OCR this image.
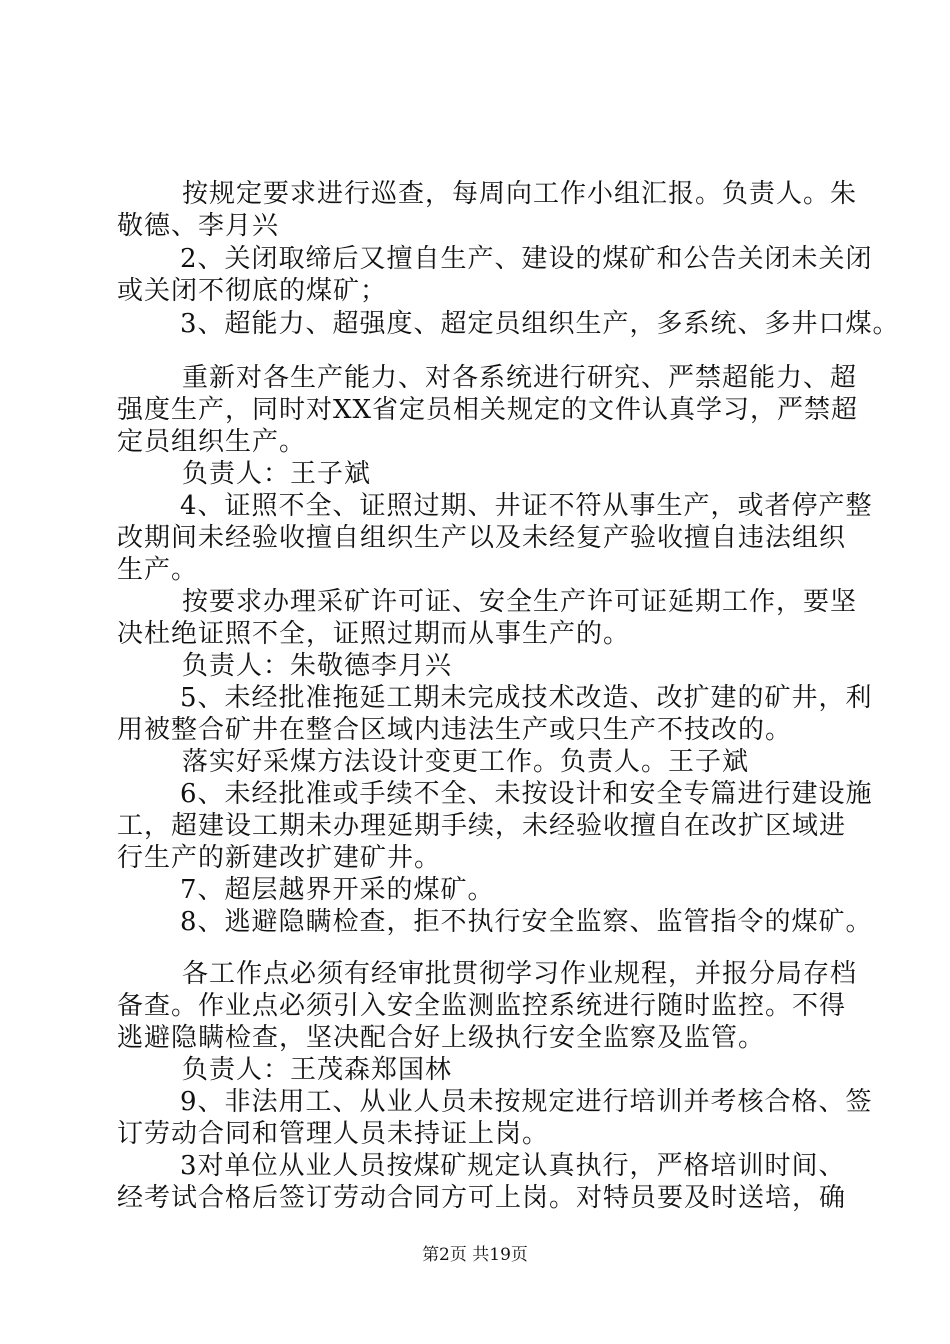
按规定要求进行巡查，每周向工作小组汇报。负责人。朱
敬德、李月兴
2、关闭取缔后又擅自生产、建设的煤矿和公告关闭未关闭
或关闭不彻底的煤矿；
3、超能力、超强度、超定员组织生产，多系统、多井口煤。
重新对各生产能力、对各系统进行研究、严禁超能力、超
强度生产，同时对XX省定员相关规定的文件认真学习，严禁超
定员组织生产。
负责人：王子斌
4、证照不全、证照过期、井证不符从事生产，或者停产整
改期间未经验收擅自组织生产以及未经复产验收擅自违法组织
生产。
按要求办理采矿许可证、安全生产许可证延期工作，要坚
决杜绝证照不全，证照过期而从事生产的。
负责人：朱敬德李月兴
5、未经批准拖延工期未完成技术改造、改扩建的矿井，利
用被整合矿井在整合区域内违法生产或只生产不技改的。
落实好采煤方法设计变更工作。负责人。王子斌
6、未经批准或手续不全、未按设计和安全专篇进行建设施
工，超建设工期未办理延期手续，未经验收擅自在改扩区域进
行生产的新建改扩建矿井。
7、超层越界开采的煤矿。
8、逃避隐瞒检查，拒不执行安全监察、监管指令的煤矿。
各工作点必须有经审批贯彻学习作业规程，并报分局存档
备查。作业点必须引入安全监测监控系统进行随时监控。不得
逃避隐瞒检查，坚决配合好上级执行安全监察及监管。
负责人：王茂森郑国林
9、非法用工、从业人员未按规定进行培训并考核合格、签
订劳动合同和管理人员未持证上岗。
3对单位从业人员按煤矿规定认真执行，严格培训时间、
经考试合格后签订劳动合同方可上岗。对特员要及时送培，确
第2页 共19页
